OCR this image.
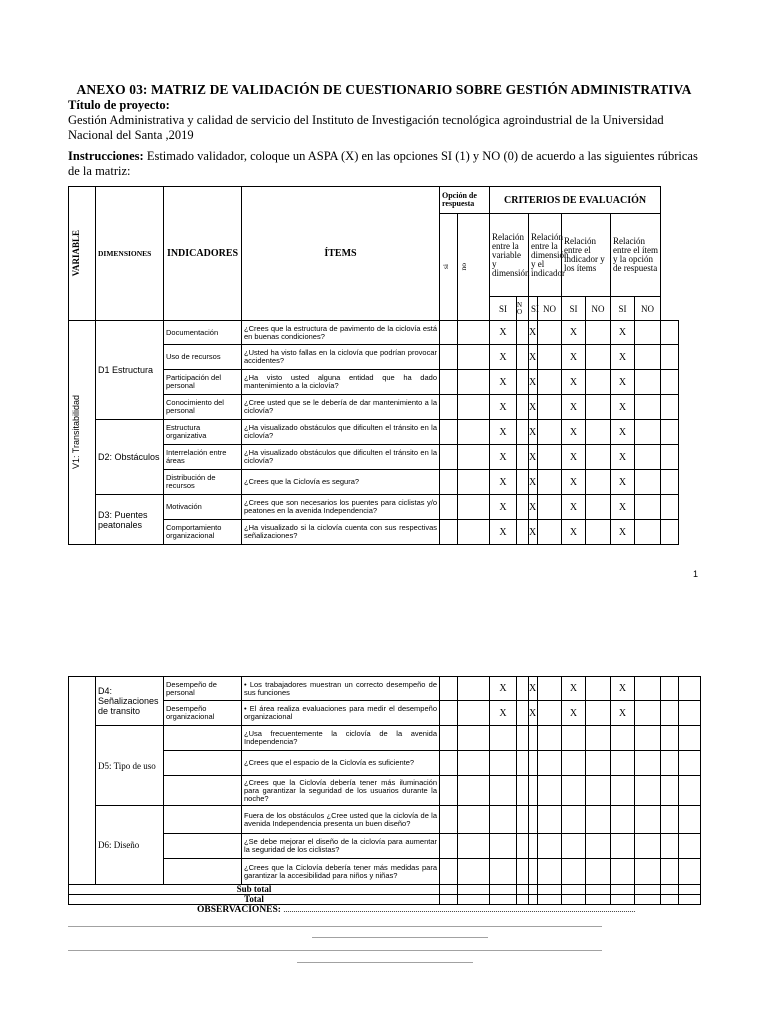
ANEXO 03: MATRIZ DE VALIDACIÓN DE CUESTIONARIO SOBRE GESTIÓN ADMINISTRATIVA
Título de proyecto:
Gestión Administrativa y calidad de servicio del Instituto de Investigación tecnológica agroindustrial de la Universidad Nacional del Santa ,2019
Instrucciones: Estimado validador, coloque un ASPA (X) en las opciones SI (1) y NO (0) de acuerdo a las siguientes rúbricas de la matriz:
VARIABLE	DIMENSIONES	INDICADORES	ÍTEMS	Opción de respuesta		CRITERIOS DE EVALUACIÓN								

				si	no	Relación entre la variable y dimensión		Relación entre la dimensión y el indicador		Relación entre el indicador y los ítems		Relación entre el ítem y la opción de respuesta		
						SI	N O	SI	NO	SI	NO	SI	NO	

V1: Transitabilidad	D1 Estructura	Documentación	¿Crees que la estructura de pavimento de la ciclovía está en buenas condiciones?			X		X		X		X		
		Uso de recursos	¿Usted ha visto fallas en la ciclovía que podrían provocar accidentes?			X		X		X		X		
		Participación del personal	¿Ha visto usted alguna entidad que ha dado mantenimiento a la ciclovía?			X		X		X		X		
		Conocimiento del personal	¿Cree usted que se le debería de dar mantenimiento a la ciclovía?			X		X		X		X		
	D2: Obstáculos	Estructura organizativa	¿Ha visualizado obstáculos que dificulten el tránsito en la ciclovía?			X		X		X		X		
		Interrelación entre áreas	¿Ha visualizado obstáculos que dificulten el tránsito en la ciclovía?			X		X		X		X		
		Distribución de recursos	¿Crees que la Ciclovía es segura?			X		X		X		X		
	D3: Puentes peatonales	Motivación	¿Crees que son necesarios los puentes para ciclistas y/o peatones en la avenida Independencia?			X		X		X		X		
		Comportamiento organizacional	¿Ha visualizado si la ciclovía cuenta con sus respectivas señalizaciones?			X		X		X		X		
1
	D4: Señalizaciones de transito	Desempeño de personal	• Los trabajadores muestran un correcto desempeño de sus funciones			X		X		X		X			
		Desempeño organizacional	• El área realiza evaluaciones para medir el desempeño organizacional			X		X		X		X			
	D5: Tipo de uso		¿Usa frecuentemente la ciclovía de la avenida Independencia?												
			¿Crees que el espacio de la Ciclovía es suficiente?												
			¿Crees que la Ciclovía debería tener más iluminación para garantizar la seguridad de los usuarios durante la noche?												
	D6: Diseño		Fuera de los obstáculos ¿Cree usted que la ciclovía de la avenida Independencia presenta un buen diseño?												
			¿Se debe mejorar el diseño de la ciclovía para aumentar la seguridad de los ciclistas?												
			¿Crees que la Ciclovía debería tener más medidas para garantizar la accesibilidad para niños y niñas?												
Sub total															
Total															
OBSERVACIONES: ................................................................................................................................................................................
...........................................................................................................................................................................................................................................................................
........................................................................................
...........................................................................................................................................................................................................................................................................
........................................................................................
